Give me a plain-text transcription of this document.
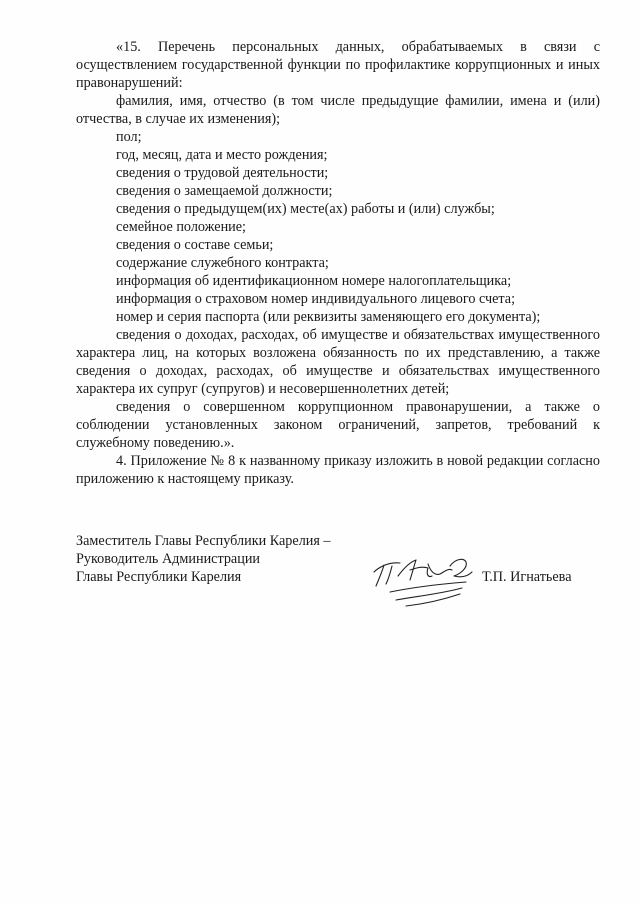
«15. Перечень персональных данных, обрабатываемых в связи с осуществлением государственной функции по профилактике коррупционных и иных правонарушений:

фамилия, имя, отчество (в том числе предыдущие фамилии, имена и (или) отчества, в случае их изменения);

пол;

год, месяц, дата и место рождения;

сведения о трудовой деятельности;

сведения о замещаемой должности;

сведения о предыдущем(их) месте(ах) работы и (или) службы;

семейное положение;

сведения о составе семьи;

содержание служебного контракта;

информация об идентификационном номере налогоплательщика;

информация о страховом номер индивидуального лицевого счета;

номер и серия паспорта (или реквизиты заменяющего его документа);

сведения о доходах, расходах, об имуществе и обязательствах имущественного характера лиц, на которых возложена обязанность по их представлению, а также сведения о доходах, расходах, об имуществе и обязательствах имущественного характера их супруг (супругов) и несовершеннолетних детей;

сведения о совершенном коррупционном правонарушении, а также о соблюдении установленных законом ограничений, запретов, требований к служебному поведению.».

4. Приложение № 8 к названному приказу изложить в новой редакции согласно приложению к настоящему приказу.

Заместитель Главы Республики Карелия –
Руководитель Администрации
Главы Республики Карелия	Т.П. Игнатьева
